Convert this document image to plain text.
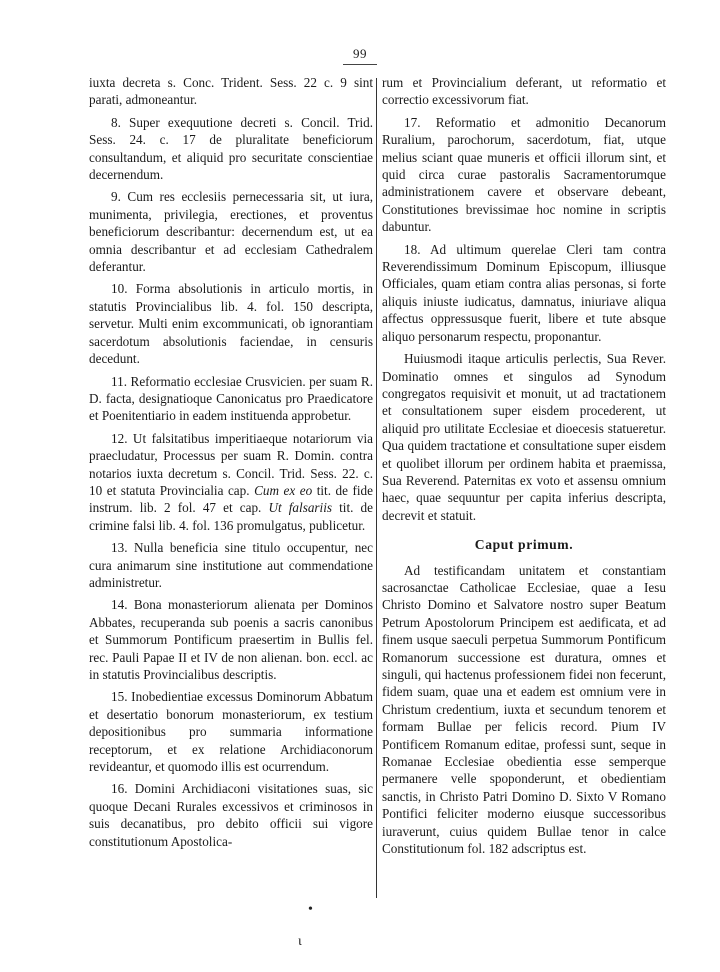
99

iuxta decreta s. Conc. Trident. Sess. 22 c. 9 sint parati, admoneantur.

8. Super exequutione decreti s. Concil. Trid. Sess. 24. c. 17 de pluralitate beneficiorum consultandum, et aliquid pro securitate conscientiae decernendum.

9. Cum res ecclesiis pernecessaria sit, ut iura, munimenta, privilegia, erectiones, et proventus beneficiorum describantur: decernendum est, ut ea omnia describantur et ad ecclesiam Cathedralem deferantur.

10. Forma absolutionis in articulo mortis, in statutis Provincialibus lib. 4. fol. 150 descripta, servetur. Multi enim excommunicati, ob ignorantiam sacerdotum absolutionis faciendae, in censuris decedunt.

11. Reformatio ecclesiae Crusvicien. per suam R. D. facta, designatioque Canonicatus pro Praedicatore et Poenitentiario in eadem instituenda approbetur.

12. Ut falsitatibus imperitiaeque notariorum via praecludatur, Processus per suam R. Domin. contra notarios iuxta decretum s. Concil. Trid. Sess. 22. c. 10 et statuta Provincialia cap. Cum ex eo tit. de fide instrum. lib. 2 fol. 47 et cap. Ut falsariis tit. de crimine falsi lib. 4. fol. 136 promulgatus, publicetur.

13. Nulla beneficia sine titulo occupentur, nec cura animarum sine institutione aut commendatione administretur.

14. Bona monasteriorum alienata per Dominos Abbates, recuperanda sub poenis a sacris canonibus et Summorum Pontificum praesertim in Bullis fel. rec. Pauli Papae II et IV de non alienan. bon. eccl. ac in statutis Provincialibus descriptis.

15. Inobedientiae excessus Dominorum Abbatum et desertatio bonorum monasteriorum, ex testium depositionibus pro summaria informatione receptorum, et ex relatione Archidiaconorum revideantur, et quomodo illis est ocurrendum.

16. Domini Archidiaconi visitationes suas, sic quoque Decani Rurales excessivos et criminosos in suis decanatibus, pro debito officii sui vigore constitutionum Apostolica-

rum et Provincialium deferant, ut reformatio et correctio excessivorum fiat.

17. Reformatio et admonitio Decanorum Ruralium, parochorum, sacerdotum, fiat, utque melius sciant quae muneris et officii illorum sint, et quid circa curae pastoralis Sacramentorumque administrationem cavere et observare debeant, Constitutiones brevissimae hoc nomine in scriptis dabuntur.

18. Ad ultimum querelae Cleri tam contra Reverendissimum Dominum Episcopum, illiusque Officiales, quam etiam contra alias personas, si forte aliquis iniuste iudicatus, damnatus, iniuriave aliqua affectus oppressusque fuerit, libere et tute absque aliquo personarum respectu, proponantur.

Huiusmodi itaque articulis perlectis, Sua Rever. Dominatio omnes et singulos ad Synodum congregatos requisivit et monuit, ut ad tractationem et consultationem super eisdem procederent, ut aliquid pro utilitate Ecclesiae et dioecesis statueretur. Qua quidem tractatione et consultatione super eisdem et quolibet illorum per ordinem habita et praemissa, Sua Reverend. Paternitas ex voto et assensu omnium haec, quae sequuntur per capita inferius descripta, decrevit et statuit.

Caput primum.

Ad testificandam unitatem et constantiam sacrosanctae Catholicae Ecclesiae, quae a Iesu Christo Domino et Salvatore nostro super Beatum Petrum Apostolorum Principem est aedificata, et ad finem usque saeculi perpetua Summorum Pontificum Romanorum successione est duratura, omnes et singuli, qui hactenus professionem fidei non fecerunt, fidem suam, quae una et eadem est omnium vere in Christum credentium, iuxta et secundum tenorem et formam Bullae per felicis record. Pium IV Pontificem Romanum editae, professi sunt, seque in Romanae Ecclesiae obedientia esse semperque permanere velle spoponderunt, et obedientiam sanctis, in Christo Patri Domino D. Sixto V Romano Pontifici feliciter moderno eiusque successoribus iuraverunt, cuius quidem Bullae tenor in calce Constitutionum fol. 182 adscriptus est.

•
ɩ
